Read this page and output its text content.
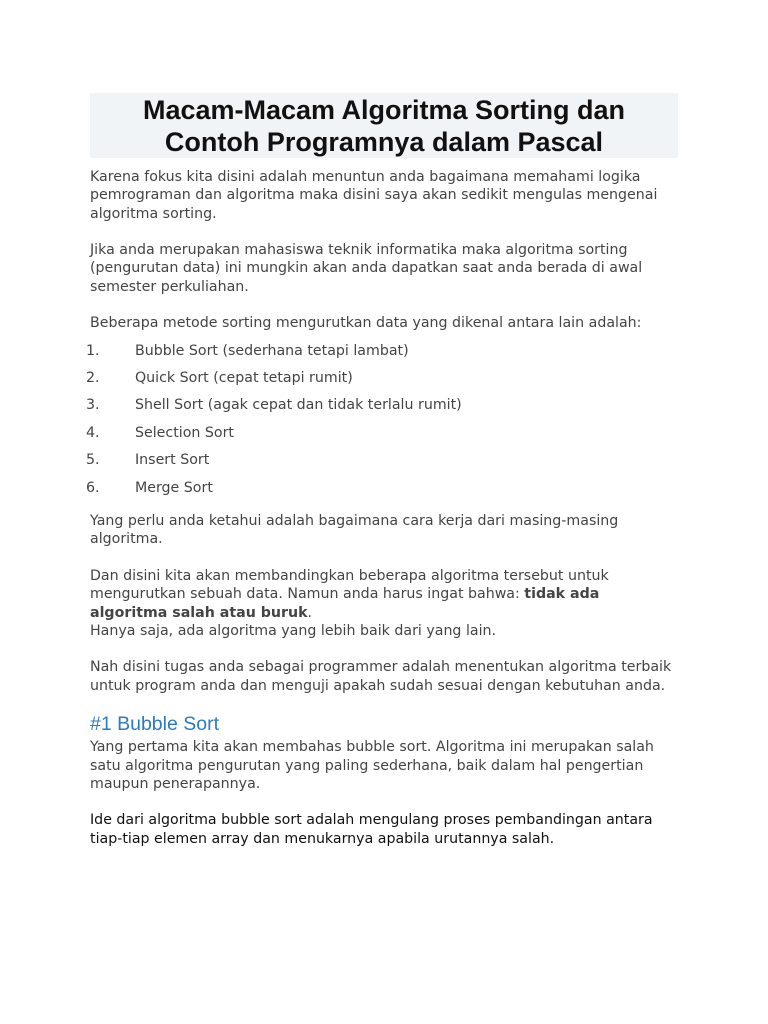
Macam-Macam Algoritma Sorting dan
Contoh Programnya dalam Pascal

Karena fokus kita disini adalah menuntun anda bagaimana memahami logika pemrograman dan algoritma maka disini saya akan sedikit mengulas mengenai algoritma sorting.

Jika anda merupakan mahasiswa teknik informatika maka algoritma sorting (pengurutan data) ini mungkin akan anda dapatkan saat anda berada di awal semester perkuliahan.

Beberapa metode sorting mengurutkan data yang dikenal antara lain adalah:

1. Bubble Sort (sederhana tetapi lambat)
2. Quick Sort (cepat tetapi rumit)
3. Shell Sort (agak cepat dan tidak terlalu rumit)
4. Selection Sort
5. Insert Sort
6. Merge Sort

Yang perlu anda ketahui adalah bagaimana cara kerja dari masing-masing algoritma.

Dan disini kita akan membandingkan beberapa algoritma tersebut untuk mengurutkan sebuah data. Namun anda harus ingat bahwa: tidak ada algoritma salah atau buruk.

Hanya saja, ada algoritma yang lebih baik dari yang lain.

Nah disini tugas anda sebagai programmer adalah menentukan algoritma terbaik untuk program anda dan menguji apakah sudah sesuai dengan kebutuhan anda.

#1 Bubble Sort

Yang pertama kita akan membahas bubble sort. Algoritma ini merupakan salah satu algoritma pengurutan yang paling sederhana, baik dalam hal pengertian maupun penerapannya.

Ide dari algoritma bubble sort adalah mengulang proses pembandingan antara tiap-tiap elemen array dan menukarnya apabila urutannya salah.
